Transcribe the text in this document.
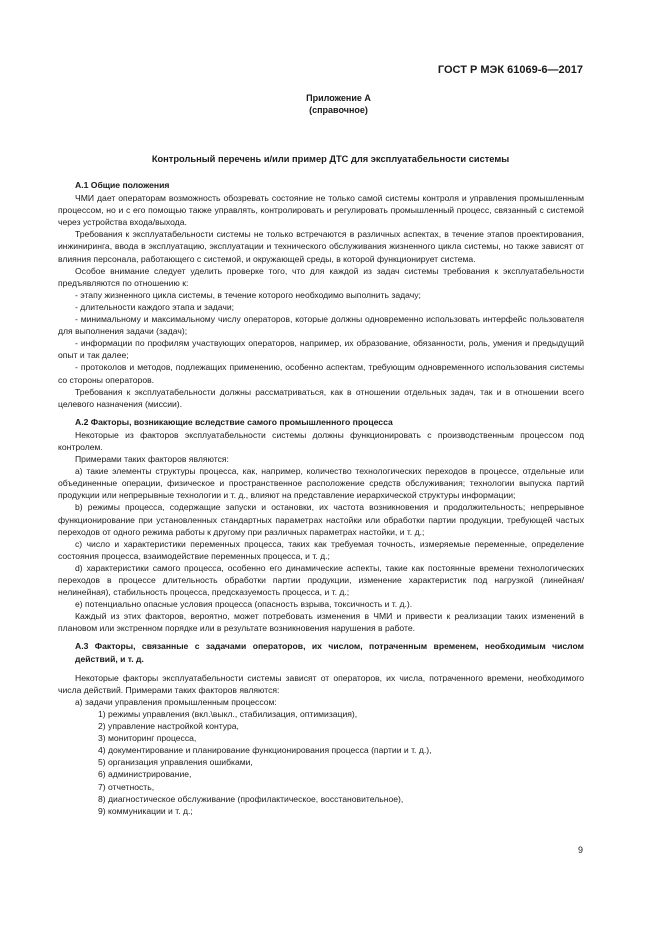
ГОСТ Р МЭК 61069-6—2017
Приложение А
(справочное)
Контрольный перечень и/или пример ДТС для эксплуатабельности системы

А.1 Общие положения

ЧМИ дает операторам возможность обозревать состояние не только самой системы контроля и управления промышленным процессом, но и с его помощью также управлять, контролировать и регулировать промышленный процесс, связанный с системой через устройства входа/выхода.

Требования к эксплуатабельности системы не только встречаются в различных аспектах, в течение этапов проектирования, инжиниринга, ввода в эксплуатацию, эксплуатации и технического обслуживания жизненного цикла системы, но также зависят от влияния персонала, работающего с системой, и окружающей среды, в которой функционирует система.

Особое внимание следует уделить проверке того, что для каждой из задач системы требования к эксплуатабельности предъявляются по отношению к:

- этапу жизненного цикла системы, в течение которого необходимо выполнить задачу;

- длительности каждого этапа и задачи;

- минимальному и максимальному числу операторов, которые должны одновременно использовать интерфейс пользователя для выполнения задачи (задач);

- информации по профилям участвующих операторов, например, их образование, обязанности, роль, умения и предыдущий опыт и так далее;

- протоколов и методов, подлежащих применению, особенно аспектам, требующим одновременного использования системы со стороны операторов.

Требования к эксплуатабельности должны рассматриваться, как в отношении отдельных задач, так и в отношении всего целевого назначения (миссии).

А.2 Факторы, возникающие вследствие самого промышленного процесса

Некоторые из факторов эксплуатабельности системы должны функционировать с производственным процессом под контролем.

Примерами таких факторов являются:

а) такие элементы структуры процесса, как, например, количество технологических переходов в процессе, отдельные или объединенные операции, физическое и пространственное расположение средств обслуживания; технологии выпуска партий продукции или непрерывные технологии и т. д., влияют на представление иерархической структуры информации;

b) режимы процесса, содержащие запуски и остановки, их частота возникновения и продолжительность; непрерывное функционирование при установленных стандартных параметрах настойки или обработки партии продукции, требующей частых переходов от одного режима работы к другому при различных параметрах настойки, и т. д.;

c) число и характеристики переменных процесса, таких как требуемая точность, измеряемые переменные, определение состояния процесса, взаимодействие переменных процесса, и т. д.;

d) характеристики самого процесса, особенно его динамические аспекты, такие как постоянные времени технологических переходов в процессе длительность обработки партии продукции, изменение характеристик под нагрузкой (линейная/нелинейная), стабильность процесса, предсказуемость процесса, и т. д.;

e) потенциально опасные условия процесса (опасность взрыва, токсичность и т. д.).

Каждый из этих факторов, вероятно, может потребовать изменения в ЧМИ и привести к реализации таких изменений в плановом или экстренном порядке или в результате возникновения нарушения в работе.

А.3 Факторы, связанные с задачами операторов, их числом, потраченным временем, необходимым числом действий, и т. д.

Некоторые факторы эксплуатабельности системы зависят от операторов, их числа, потраченного времени, необходимого числа действий. Примерами таких факторов являются:

а) задачи управления промышленным процессом:

1) режимы управления (вкл.\выкл., стабилизация, оптимизация),

2) управление настройкой контура,

3) мониторинг процесса,

4) документирование и планирование функционирования процесса (партии и т. д.),

5) организация управления ошибками,

6) администрирование,

7) отчетность,

8) диагностическое обслуживание (профилактическое, восстановительное),

9) коммуникации и т. д.;

9
